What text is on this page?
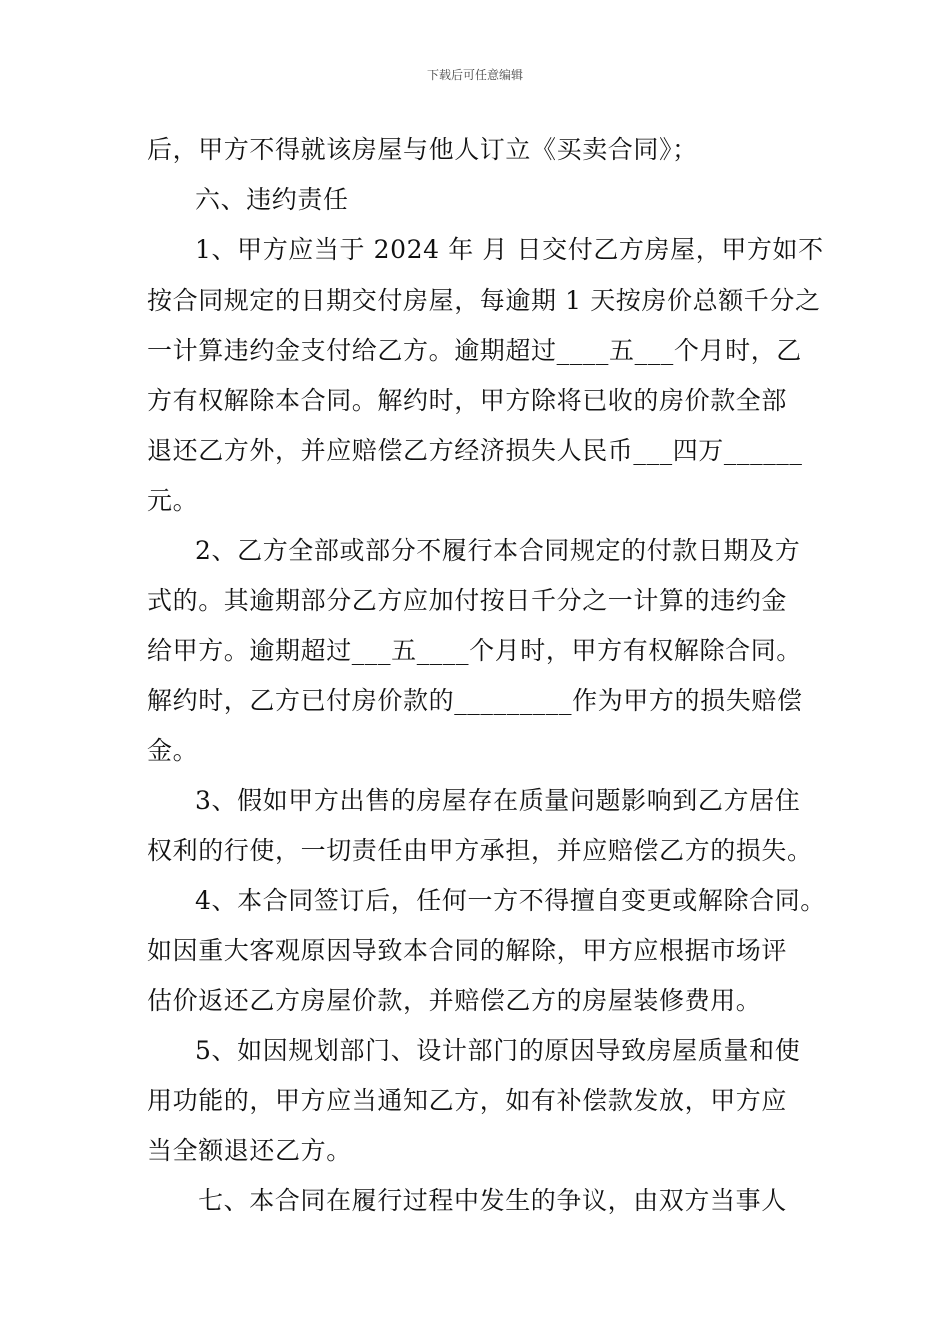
下载后可任意编辑
后，甲方不得就该房屋与他人订立《买卖合同》；
六、违约责任
1、甲方应当于 2024 年 月 日交付乙方房屋，甲方如不
按合同规定的日期交付房屋，每逾期 1 天按房价总额千分之
一计算违约金支付给乙方。逾期超过____五___个月时，乙
方有权解除本合同。解约时，甲方除将已收的房价款全部
退还乙方外，并应赔偿乙方经济损失人民币___四万______
元。
2、乙方全部或部分不履行本合同规定的付款日期及方
式的。其逾期部分乙方应加付按日千分之一计算的违约金
给甲方。逾期超过___五____个月时，甲方有权解除合同。
解约时，乙方已付房价款的_________作为甲方的损失赔偿
金。
3、假如甲方出售的房屋存在质量问题影响到乙方居住
权利的行使，一切责任由甲方承担，并应赔偿乙方的损失。
4、本合同签订后，任何一方不得擅自变更或解除合同。
如因重大客观原因导致本合同的解除，甲方应根据市场评
估价返还乙方房屋价款，并赔偿乙方的房屋装修费用。
5、如因规划部门、设计部门的原因导致房屋质量和使
用功能的，甲方应当通知乙方，如有补偿款发放，甲方应
当全额退还乙方。
七、本合同在履行过程中发生的争议，由双方当事人
